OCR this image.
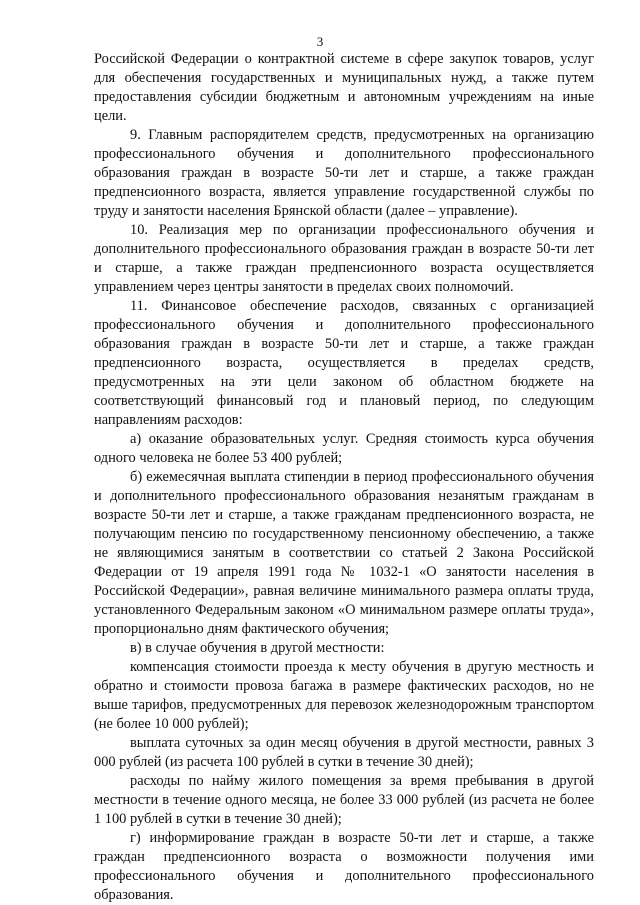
3

Российской Федерации о контрактной системе в сфере закупок товаров, услуг для обеспечения государственных и муниципальных нужд, а также путем предоставления субсидии бюджетным и автономным учреждениям на иные цели.

9. Главным распорядителем средств, предусмотренных на организацию профессионального обучения и дополнительного профессионального образования граждан в возрасте 50-ти лет и старше, а также граждан предпенсионного возраста, является управление государственной службы по труду и занятости населения Брянской области (далее – управление).

10. Реализация мер по организации профессионального обучения и дополнительного профессионального образования граждан в возрасте 50-ти лет и старше, а также граждан предпенсионного возраста осуществляется управлением через центры занятости в пределах своих полномочий.

11. Финансовое обеспечение расходов, связанных с организацией профессионального обучения и дополнительного профессионального образования граждан в возрасте 50-ти лет и старше, а также граждан предпенсионного возраста, осуществляется в пределах средств, предусмотренных на эти цели законом об областном бюджете на соответствующий финансовый год и плановый период, по следующим направлениям расходов:

а) оказание образовательных услуг. Средняя стоимость курса обучения одного человека не более 53 400 рублей;

б) ежемесячная выплата стипендии в период профессионального обучения и дополнительного профессионального образования незанятым гражданам в возрасте 50-ти лет и старше, а также гражданам предпенсионного возраста, не получающим пенсию по государственному пенсионному обеспечению, а также не являющимися занятым в соответствии со статьей 2 Закона Российской Федерации от 19 апреля 1991 года № 1032-1 «О занятости населения в Российской Федерации», равная величине минимального размера оплаты труда, установленного Федеральным законом «О минимальном размере оплаты труда», пропорционально дням фактического обучения;

в) в случае обучения в другой местности:

компенсация стоимости проезда к месту обучения в другую местность и обратно и стоимости провоза багажа в размере фактических расходов, но не выше тарифов, предусмотренных для перевозок железнодорожным транспортом (не более 10 000 рублей);

выплата суточных за один месяц обучения в другой местности, равных 3 000 рублей (из расчета 100 рублей в сутки в течение 30 дней);

расходы по найму жилого помещения за время пребывания в другой местности в течение одного месяца, не более 33 000 рублей (из расчета не более 1 100 рублей в сутки в течение 30 дней);

г) информирование граждан в возрасте 50-ти лет и старше, а также граждан предпенсионного возраста о возможности получения ими профессионального обучения и дополнительного профессионального образования.
